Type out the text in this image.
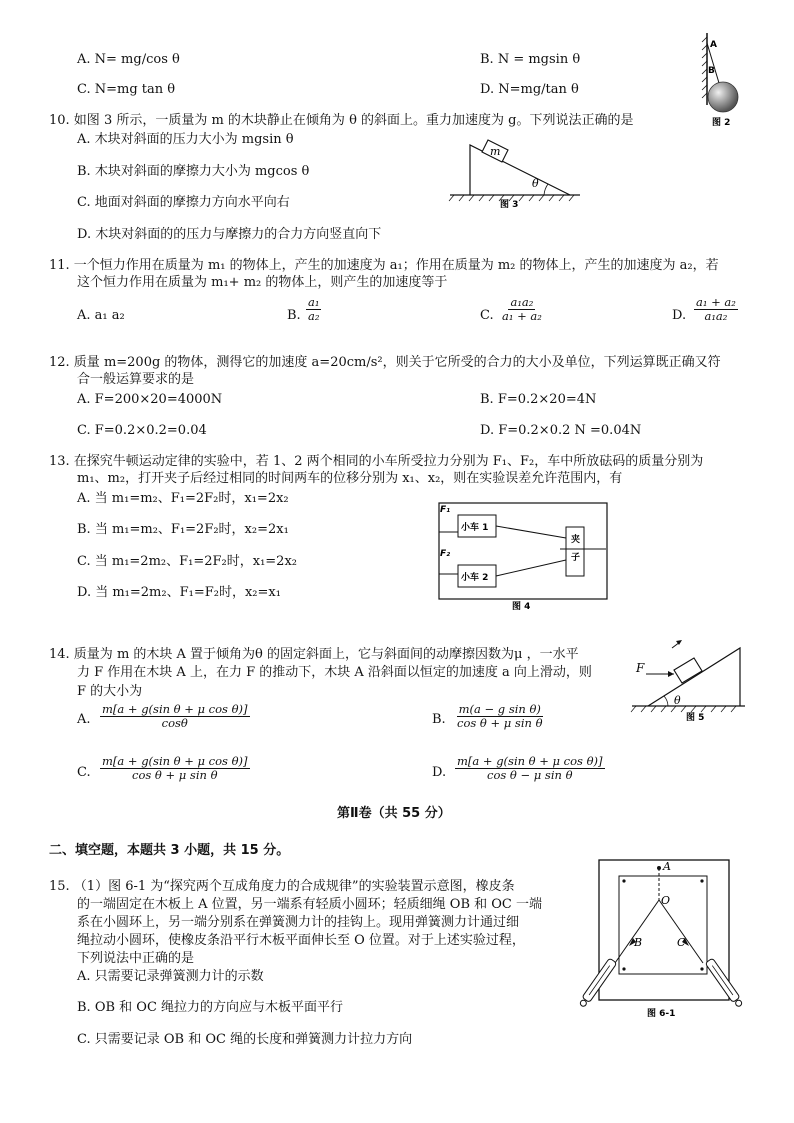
A. N= mg/cos θ	B. N = mgsin θ
C. N=mg tan θ	D. N=mg/tan θ
A
B
图 2
10. 如图 3 所示，一质量为 m 的木块静止在倾角为 θ 的斜面上。重力加速度为 g。下列说法正确的是
A. 木块对斜面的压力大小为 mgsin θ
B. 木块对斜面的摩擦力大小为 mgcos θ
C. 地面对斜面的摩擦力方向水平向右
D. 木块对斜面的的压力与摩擦力的合力方向竖直向下
m
θ
图 3
11. 一个恒力作用在质量为 m₁ 的物体上，产生的加速度为 a₁；作用在质量为 m₂ 的物体上，产生的加速度为 a₂，若
这个恒力作用在质量为 m₁+ m₂ 的物体上，则产生的加速度等于
A. a₁ a₂	B. $\frac{\text{a₁}}{\text{a₂}}$	C. $\frac{\text{a₁a₂}}{\text{a₁ + a₂}}$	D. $\frac{\text{a₁ + a₂}}{\text{a₁a₂}}$
12. 质量 m=200g 的物体，测得它的加速度 a=20cm/s²，则关于它所受的合力的大小及单位，下列运算既正确又符
合一般运算要求的是
A. F=200×20=4000N	B. F=0.2×20=4N
C. F=0.2×0.2=0.04	D. F=0.2×0.2 N =0.04N
13. 在探究牛顿运动定律的实验中，若 1、2 两个相同的小车所受拉力分别为 F₁、F₂，车中所放砝码的质量分别为
m₁、m₂，打开夹子后经过相同的时间两车的位移分别为 x₁、x₂，则在实验误差允许范围内，有
A. 当 m₁=m₂、F₁=2F₂时，x₁=2x₂
B. 当 m₁=m₂、F₁=2F₂时，x₂=2x₁
C. 当 m₁=2m₂、F₁=2F₂时，x₁=2x₂
D. 当 m₁=2m₂、F₁=F₂时，x₂=x₁
F₁
F₂
小车 1
小车 2
夹
子
图 4
14. 质量为 m 的木块 A 置于倾角为θ 的固定斜面上，它与斜面间的动摩擦因数为μ ，一水平
力 F 作用在木块 A 上，在力 F 的推动下，木块 A 沿斜面以恒定的加速度 a 向上滑动，则
F 的大小为
A. $\frac{\text{m[a + g(sin θ + μ cos θ)]}}{\cos\theta}$	B. $\frac{\text{m(a − g sin θ)}}{\text{cos θ + μ sin θ}}$
C. $\frac{\text{m[a + g(sin θ + μ cos θ)]}}{\text{cos θ + μ sin θ}}$	D. $\frac{\text{m[a + g(sin θ + μ cos θ)]}}{\text{cos θ − μ sin θ}}$
F
θ
图 5
第Ⅱ卷（共 55 分）
二、填空题，本题共 3 小题，共 15 分。
15. （1）图 6-1 为“探究两个互成角度力的合成规律”的实验装置示意图，橡皮条
的一端固定在木板上 A 位置，另一端系有轻质小圆环；轻质细绳 OB 和 OC 一端
系在小圆环上，另一端分别系在弹簧测力计的挂钩上。现用弹簧测力计通过细
绳拉动小圆环，使橡皮条沿平行木板平面伸长至 O 位置。对于上述实验过程，
下列说法中正确的是
A. 只需要记录弹簧测力计的示数
B. OB 和 OC 绳拉力的方向应与木板平面平行
C. 只需要记录 OB 和 OC 绳的长度和弹簧测力计拉力方向
A
O
B	C
图 6-1
